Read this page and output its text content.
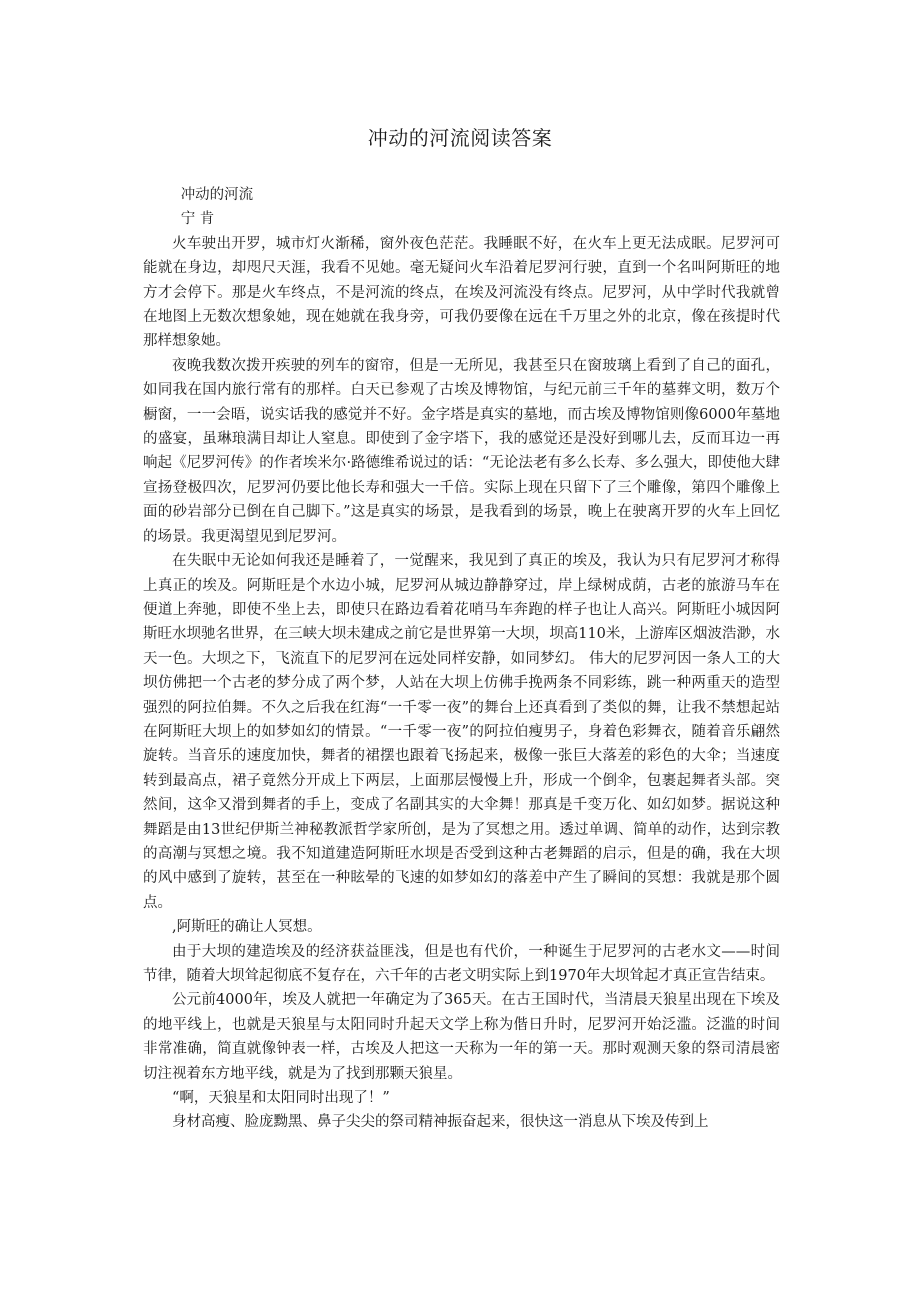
冲动的河流阅读答案

冲动的河流

宁 肯

火车驶出开罗，城市灯火渐稀，窗外夜色茫茫。我睡眠不好，在火车上更无法成眠。尼罗河可能就在身边，却咫尺天涯，我看不见她。毫无疑问火车沿着尼罗河行驶，直到一个名叫阿斯旺的地方才会停下。那是火车终点，不是河流的终点，在埃及河流没有终点。尼罗河，从中学时代我就曾在地图上无数次想象她，现在她就在我身旁，可我仍要像在远在千万里之外的北京，像在孩提时代那样想象她。

夜晚我数次拨开疾驶的列车的窗帘，但是一无所见，我甚至只在窗玻璃上看到了自己的面孔，如同我在国内旅行常有的那样。白天已参观了古埃及博物馆，与纪元前三千年的墓葬文明，数万个橱窗，一一会晤，说实话我的感觉并不好。金字塔是真实的墓地，而古埃及博物馆则像6000年墓地的盛宴，虽琳琅满目却让人窒息。即使到了金字塔下，我的感觉还是没好到哪儿去，反而耳边一再响起《尼罗河传》的作者埃米尔·路德维希说过的话：“无论法老有多么长寿、多么强大，即使他大肆宣扬登极四次，尼罗河仍要比他长寿和强大一千倍。实际上现在只留下了三个雕像，第四个雕像上面的砂岩部分已倒在自己脚下。”这是真实的场景，是我看到的场景，晚上在驶离开罗的火车上回忆的场景。我更渴望见到尼罗河。

在失眠中无论如何我还是睡着了，一觉醒来，我见到了真正的埃及，我认为只有尼罗河才称得上真正的埃及。阿斯旺是个水边小城，尼罗河从城边静静穿过，岸上绿树成荫，古老的旅游马车在便道上奔驰，即使不坐上去，即使只在路边看着花哨马车奔跑的样子也让人高兴。阿斯旺小城因阿斯旺水坝驰名世界，在三峡大坝未建成之前它是世界第一大坝，坝高110米，上游库区烟波浩渺，水天一色。大坝之下，飞流直下的尼罗河在远处同样安静，如同梦幻。 伟大的尼罗河因一条人工的大坝仿佛把一个古老的梦分成了两个梦，人站在大坝上仿佛手挽两条不同彩练，跳一种两重天的造型强烈的阿拉伯舞。不久之后我在红海“一千零一夜”的舞台上还真看到了类似的舞，让我不禁想起站在阿斯旺大坝上的如梦如幻的情景。“一千零一夜”的阿拉伯瘦男子，身着色彩舞衣，随着音乐翩然旋转。当音乐的速度加快，舞者的裙摆也跟着飞扬起来，极像一张巨大落差的彩色的大伞；当速度转到最高点，裙子竟然分开成上下两层，上面那层慢慢上升，形成一个倒伞，包裹起舞者头部。突然间，这伞又滑到舞者的手上，变成了名副其实的大伞舞！那真是千变万化、如幻如梦。据说这种舞蹈是由13世纪伊斯兰神秘教派哲学家所创，是为了冥想之用。透过单调、简单的动作，达到宗教的高潮与冥想之境。我不知道建造阿斯旺水坝是否受到这种古老舞蹈的启示，但是的确，我在大坝的风中感到了旋转，甚至在一种眩晕的飞速的如梦如幻的落差中产生了瞬间的冥想：我就是那个圆点。

,阿斯旺的确让人冥想。

由于大坝的建造埃及的经济获益匪浅，但是也有代价，一种诞生于尼罗河的古老水文——时间节律，随着大坝耸起彻底不复存在，六千年的古老文明实际上到1970年大坝耸起才真正宣告结束。

公元前4000年，埃及人就把一年确定为了365天。在古王国时代，当清晨天狼星出现在下埃及的地平线上，也就是天狼星与太阳同时升起天文学上称为偕日升时，尼罗河开始泛滥。泛滥的时间非常准确，简直就像钟表一样，古埃及人把这一天称为一年的第一天。那时观测天象的祭司清晨密切注视着东方地平线，就是为了找到那颗天狼星。

“啊，天狼星和太阳同时出现了！”

身材高瘦、脸庞黝黑、鼻子尖尖的祭司精神振奋起来，很快这一消息从下埃及传到上
